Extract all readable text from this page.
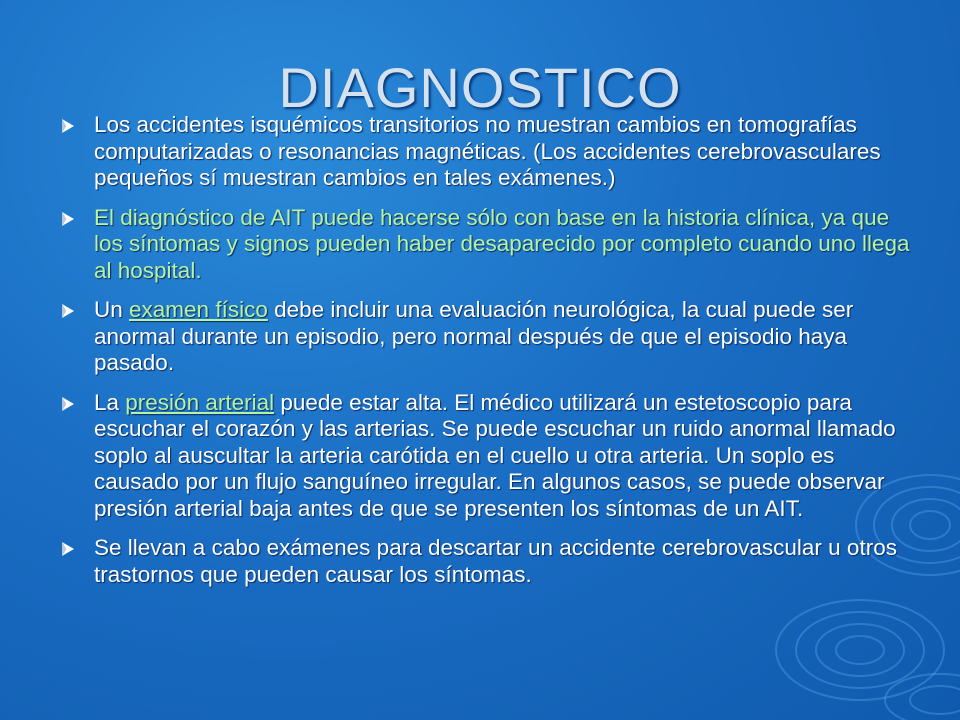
DIAGNOSTICO
Los accidentes isquémicos transitorios no muestran cambios en tomografías computarizadas o resonancias magnéticas. (Los accidentes cerebrovasculares pequeños sí muestran cambios en tales exámenes.)
El diagnóstico de AIT puede hacerse sólo con base en la historia clínica, ya que los síntomas y signos pueden haber desaparecido por completo cuando uno llega al hospital.
Un examen físico debe incluir una evaluación neurológica, la cual puede ser anormal durante un episodio, pero normal después de que el episodio haya pasado.
La presión arterial puede estar alta. El médico utilizará un estetoscopio para escuchar el corazón y las arterias. Se puede escuchar un ruido anormal llamado soplo al auscultar la arteria carótida en el cuello u otra arteria. Un soplo es causado por un flujo sanguíneo irregular. En algunos casos, se puede observar presión arterial baja antes de que se presenten los síntomas de un AIT.
Se llevan a cabo exámenes para descartar un accidente cerebrovascular u otros trastornos que pueden causar los síntomas.
